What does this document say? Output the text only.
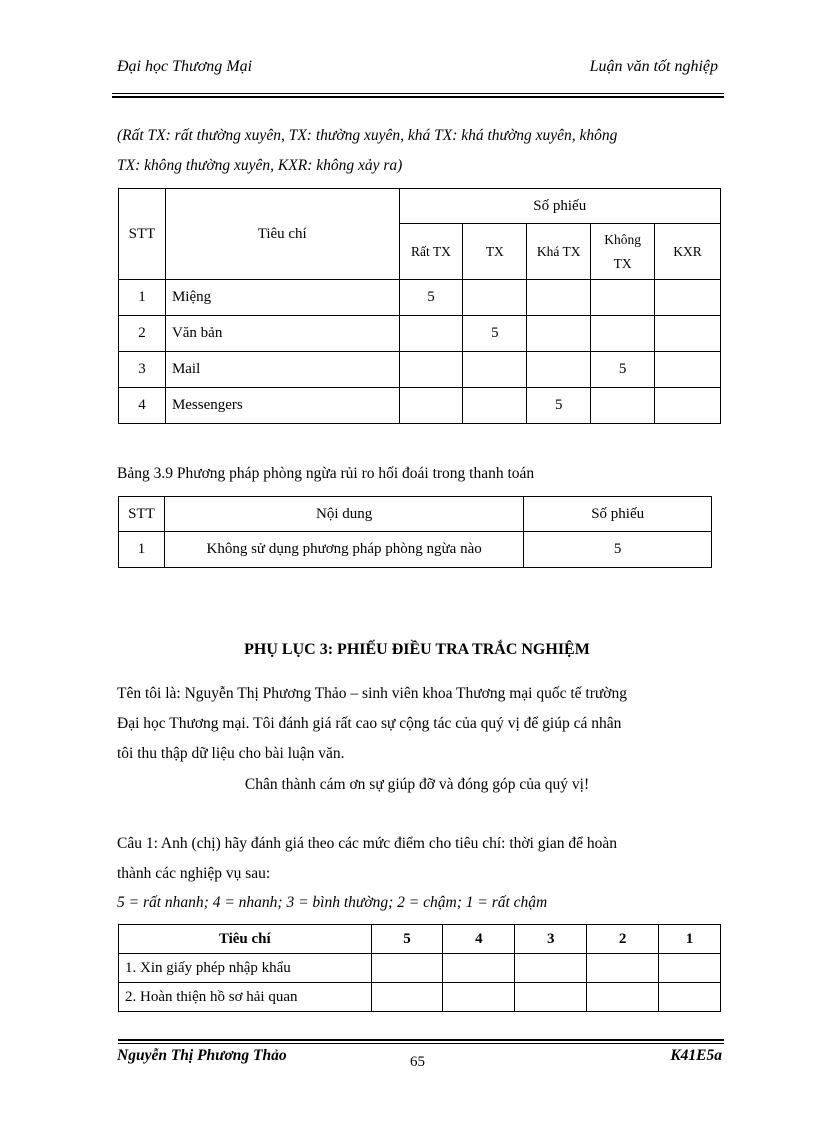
Đại học Thương Mại	Luận văn tốt nghiệp
(Rất TX: rất thường xuyên, TX: thường xuyên, khá TX: khá thường xuyên, không
TX: không thường xuyên, KXR: không xảy ra)
STT	Tiêu chí	Số phiếu				
		Rất TX	TX	Khá TX	Không
TX	KXR
1	Miệng	5				
2	Văn bản		5			
3	Mail				5	
4	Messengers			5		
Bảng 3.9 Phương pháp phòng ngừa rủi ro hối đoái trong thanh toán
STT	Nội dung	Số phiếu
1	Không sử dụng phương pháp phòng ngừa nào	5
PHỤ LỤC 3: PHIẾU ĐIỀU TRA TRẮC NGHIỆM
Tên tôi là: Nguyễn Thị Phương Thảo – sinh viên khoa Thương mại quốc tế trường
Đại học Thương mại. Tôi đánh giá rất cao sự cộng tác của quý vị để giúp cá nhân
tôi thu thập dữ liệu cho bài luận văn.
Chân thành cám ơn sự giúp đỡ và đóng góp của quý vị!
Câu 1: Anh (chị) hãy đánh giá theo các mức điểm cho tiêu chí: thời gian để hoàn
thành các nghiệp vụ sau:
5 = rất nhanh; 4 = nhanh; 3 = bình thường; 2 = chậm; 1 = rất chậm
Tiêu chí	5	4	3	2	1
1. Xin giấy phép nhập khẩu					
2. Hoàn thiện hồ sơ hải quan					
Nguyễn Thị Phương Thảo	65	K41E5a
